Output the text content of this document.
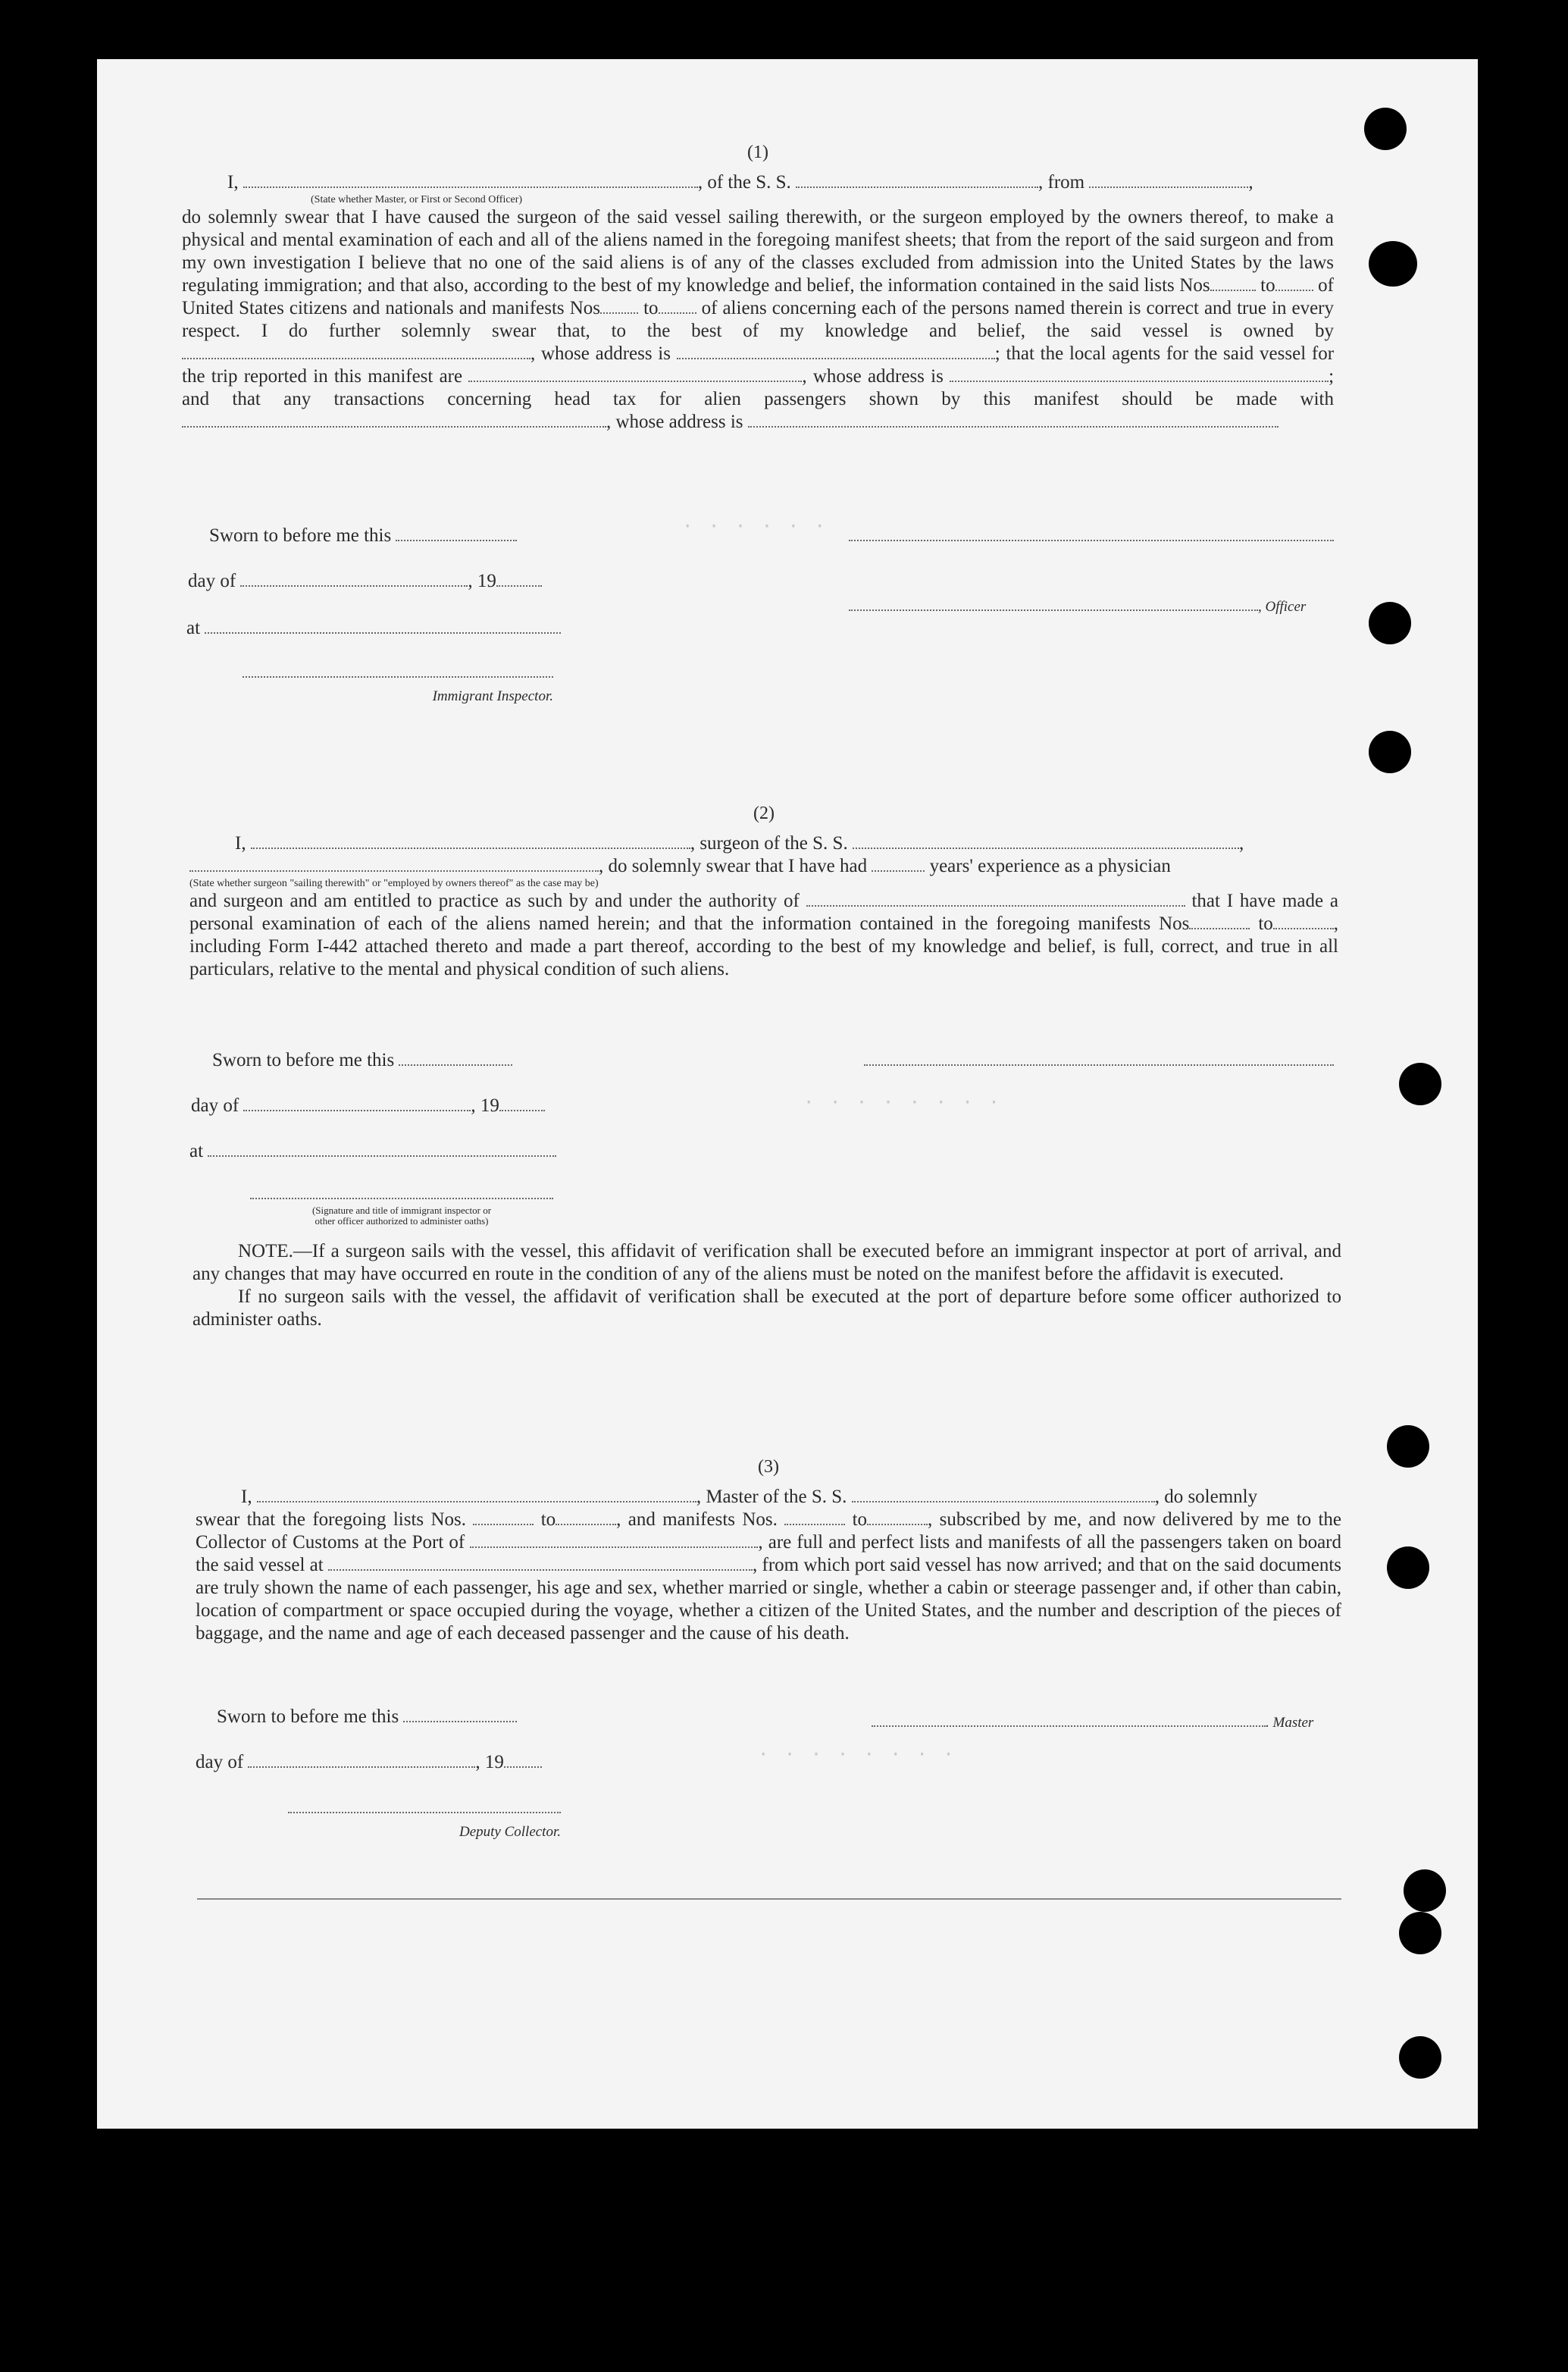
· · · · · ·
· · · · · · · ·
· · · · · · · ·
(1)

I,	, of the S. S.	, from	,

(State whether Master, or First or Second Officer)

do solemnly swear that I have caused the surgeon of the said vessel sailing therewith, or the surgeon employed by the owners thereof, to make a physical and mental examination of each and all of the aliens named in the foregoing manifest sheets; that from the report of the said surgeon and from my own investigation I believe that no one of the said aliens is of any of the classes excluded from admission into the United States by the laws regulating immigration; and that also, according to the best of my knowledge and belief, the information contained in the said lists Nos	to of United States citizens and nationals and manifests Nos to of aliens concerning each of the persons named therein is correct and true in every respect. I do further solemnly swear that, to the best of my knowledge and belief, the said vessel is owned by , whose address is	; that the local agents for the said vessel for the trip reported in this manifest are	, whose address is	; and that any transactions concerning head tax for alien passengers shown by this manifest should be made with , whose address is

Sworn to before me this
day of	, 19
at

Immigrant Inspector.
, Officer
(2)

I,	, surgeon of the S. S.	,

, do solemnly swear that I have had	years' experience as a physician

(State whether surgeon "sailing therewith" or "employed by owners thereof" as the case may be)

and surgeon and am entitled to practice as such by and under the authority of	that I have made a personal examination of each of the aliens named herein; and that the information contained in the foregoing manifests Nos	to	, including Form I-442 attached thereto and made a part thereof, according to the best of my knowledge and belief, is full, correct, and true in all particulars, relative to the mental and physical condition of such aliens.

Sworn to before me this
day of	, 19
at
(Signature and title of immigrant inspector or
other officer authorized to administer oaths)

NOTE.—If a surgeon sails with the vessel, this affidavit of verification shall be executed before an immigrant inspector at port of arrival, and any changes that may have occurred en route in the condition of any of the aliens must be noted on the manifest before the affidavit is executed.

If no surgeon sails with the vessel, the affidavit of verification shall be executed at the port of departure before some officer authorized to administer oaths.

(3)

I,	, Master of the S. S.	, do solemnly

swear that the foregoing lists Nos.	to	, and manifests Nos.	to	, subscribed by me, and now delivered by me to the Collector of Customs at the Port of	, are full and perfect lists and manifests of all the passengers taken on board the said vessel at	, from which port said vessel has now arrived; and that on the said documents are truly shown the name of each passenger, his age and sex, whether married or single, whether a cabin or steerage passenger and, if other than cabin, location of compartment or space occupied during the voyage, whether a citizen of the United States, and the number and description of the pieces of baggage, and the name and age of each deceased passenger and the cause of his death.

Sworn to before me this
day of	, 19

Deputy Collector.
. Master
